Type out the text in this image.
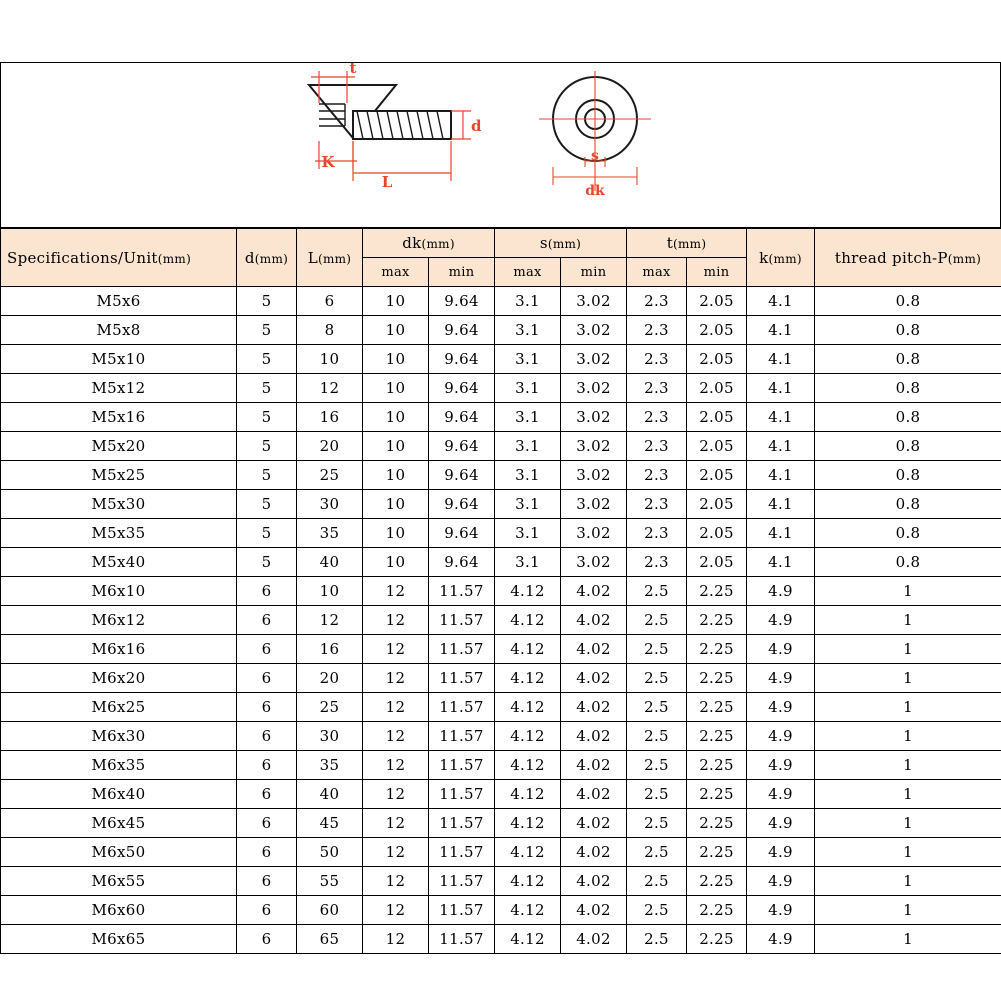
t
d
K
L
s
dk
Specifications/Unit(mm)	d(mm)	L(mm)	dk(mm)		s(mm)		t(mm)		k(mm)	thread pitch-P(mm)
			max	min	max	min	max	min		
M5x6	5	6	10	9.64	3.1	3.02	2.3	2.05	4.1	0.8
M5x8	5	8	10	9.64	3.1	3.02	2.3	2.05	4.1	0.8
M5x10	5	10	10	9.64	3.1	3.02	2.3	2.05	4.1	0.8
M5x12	5	12	10	9.64	3.1	3.02	2.3	2.05	4.1	0.8
M5x16	5	16	10	9.64	3.1	3.02	2.3	2.05	4.1	0.8
M5x20	5	20	10	9.64	3.1	3.02	2.3	2.05	4.1	0.8
M5x25	5	25	10	9.64	3.1	3.02	2.3	2.05	4.1	0.8
M5x30	5	30	10	9.64	3.1	3.02	2.3	2.05	4.1	0.8
M5x35	5	35	10	9.64	3.1	3.02	2.3	2.05	4.1	0.8
M5x40	5	40	10	9.64	3.1	3.02	2.3	2.05	4.1	0.8
M6x10	6	10	12	11.57	4.12	4.02	2.5	2.25	4.9	1
M6x12	6	12	12	11.57	4.12	4.02	2.5	2.25	4.9	1
M6x16	6	16	12	11.57	4.12	4.02	2.5	2.25	4.9	1
M6x20	6	20	12	11.57	4.12	4.02	2.5	2.25	4.9	1
M6x25	6	25	12	11.57	4.12	4.02	2.5	2.25	4.9	1
M6x30	6	30	12	11.57	4.12	4.02	2.5	2.25	4.9	1
M6x35	6	35	12	11.57	4.12	4.02	2.5	2.25	4.9	1
M6x40	6	40	12	11.57	4.12	4.02	2.5	2.25	4.9	1
M6x45	6	45	12	11.57	4.12	4.02	2.5	2.25	4.9	1
M6x50	6	50	12	11.57	4.12	4.02	2.5	2.25	4.9	1
M6x55	6	55	12	11.57	4.12	4.02	2.5	2.25	4.9	1
M6x60	6	60	12	11.57	4.12	4.02	2.5	2.25	4.9	1
M6x65	6	65	12	11.57	4.12	4.02	2.5	2.25	4.9	1
